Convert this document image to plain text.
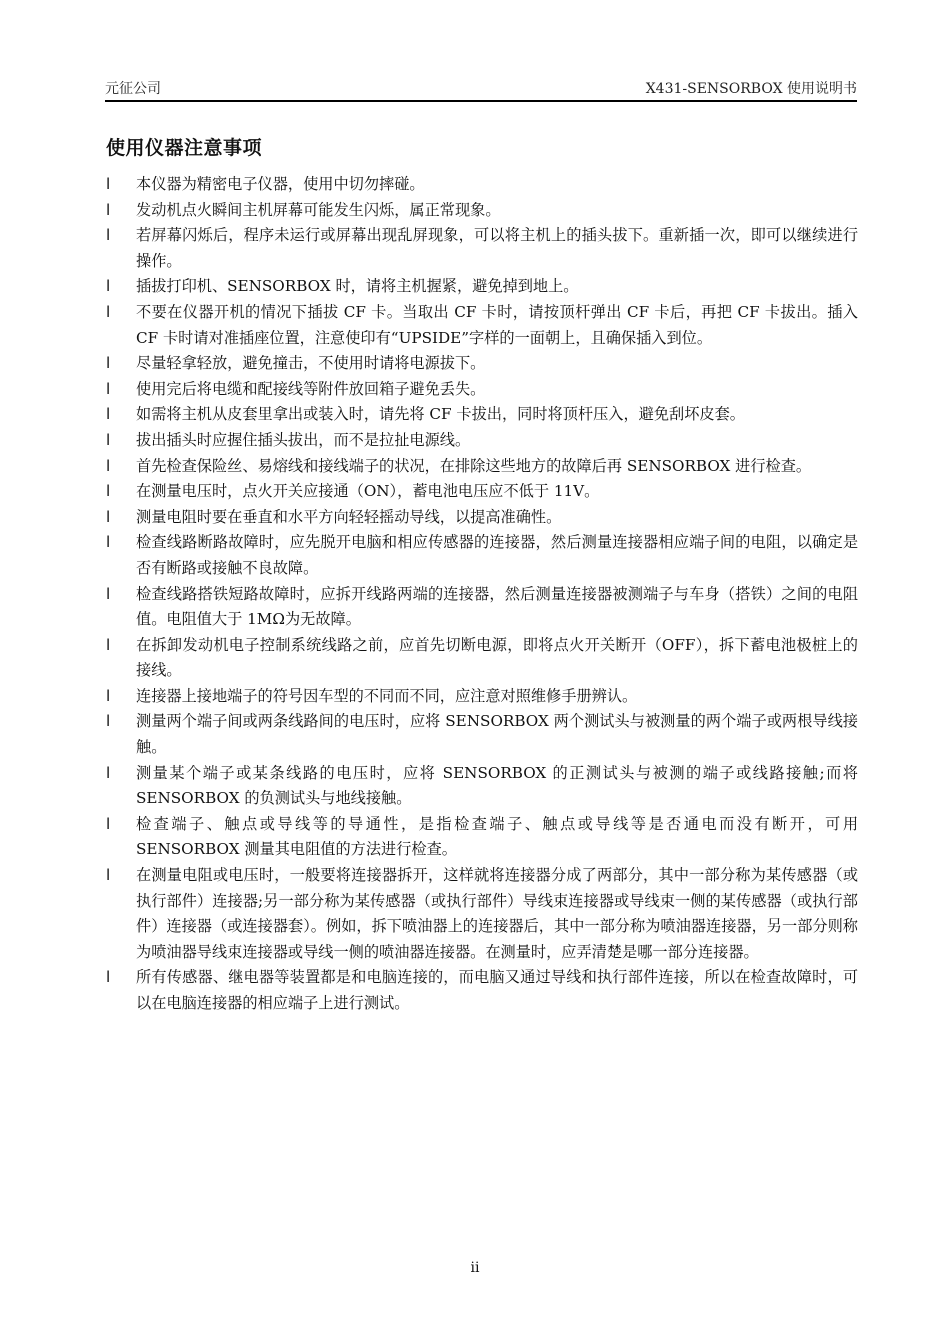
元征公司	X431-SENSORBOX 使用说明书
使用仪器注意事项
l	本仪器为精密电子仪器，使用中切勿摔碰。
l	发动机点火瞬间主机屏幕可能发生闪烁，属正常现象。
l	若屏幕闪烁后，程序未运行或屏幕出现乱屏现象，可以将主机上的插头拔下。重新插一次，即可以继续进行操作。
l	插拔打印机、SENSORBOX 时，请将主机握紧，避免掉到地上。
l	不要在仪器开机的情况下插拔 CF 卡。当取出 CF 卡时，请按顶杆弹出 CF 卡后，再把 CF 卡拔出。插入 CF 卡时请对准插座位置，注意使印有“UPSIDE”字样的一面朝上，且确保插入到位。
l	尽量轻拿轻放，避免撞击，不使用时请将电源拔下。
l	使用完后将电缆和配接线等附件放回箱子避免丢失。
l	如需将主机从皮套里拿出或装入时，请先将 CF 卡拔出，同时将顶杆压入，避免刮坏皮套。
l	拔出插头时应握住插头拔出，而不是拉扯电源线。
l	首先检查保险丝、易熔线和接线端子的状况，在排除这些地方的故障后再 SENSORBOX 进行检查。
l	在测量电压时，点火开关应接通（ON），蓄电池电压应不低于 11V。
l	测量电阻时要在垂直和水平方向轻轻摇动导线，以提高准确性。
l	检查线路断路故障时，应先脱开电脑和相应传感器的连接器，然后测量连接器相应端子间的电阻，以确定是否有断路或接触不良故障。
l	检查线路搭铁短路故障时，应拆开线路两端的连接器，然后测量连接器被测端子与车身（搭铁）之间的电阻值。电阻值大于 1MΩ为无故障。
l	在拆卸发动机电子控制系统线路之前，应首先切断电源，即将点火开关断开（OFF），拆下蓄电池极桩上的接线。
l	连接器上接地端子的符号因车型的不同而不同，应注意对照维修手册辨认。
l	测量两个端子间或两条线路间的电压时，应将 SENSORBOX 两个测试头与被测量的两个端子或两根导线接触。
l	测量某个端子或某条线路的电压时，应将 SENSORBOX 的正测试头与被测的端子或线路接触;而将 SENSORBOX 的负测试头与地线接触。
l	检查端子、触点或导线等的导通性，是指检查端子、触点或导线等是否通电而没有断开，可用 SENSORBOX 测量其电阻值的方法进行检查。
l	在测量电阻或电压时，一般要将连接器拆开，这样就将连接器分成了两部分，其中一部分称为某传感器（或执行部件）连接器;另一部分称为某传感器（或执行部件）导线束连接器或导线束一侧的某传感器（或执行部件）连接器（或连接器套）。例如，拆下喷油器上的连接器后，其中一部分称为喷油器连接器，另一部分则称为喷油器导线束连接器或导线一侧的喷油器连接器。在测量时，应弄清楚是哪一部分连接器。
l	所有传感器、继电器等装置都是和电脑连接的，而电脑又通过导线和执行部件连接，所以在检查故障时，可以在电脑连接器的相应端子上进行测试。
ii
